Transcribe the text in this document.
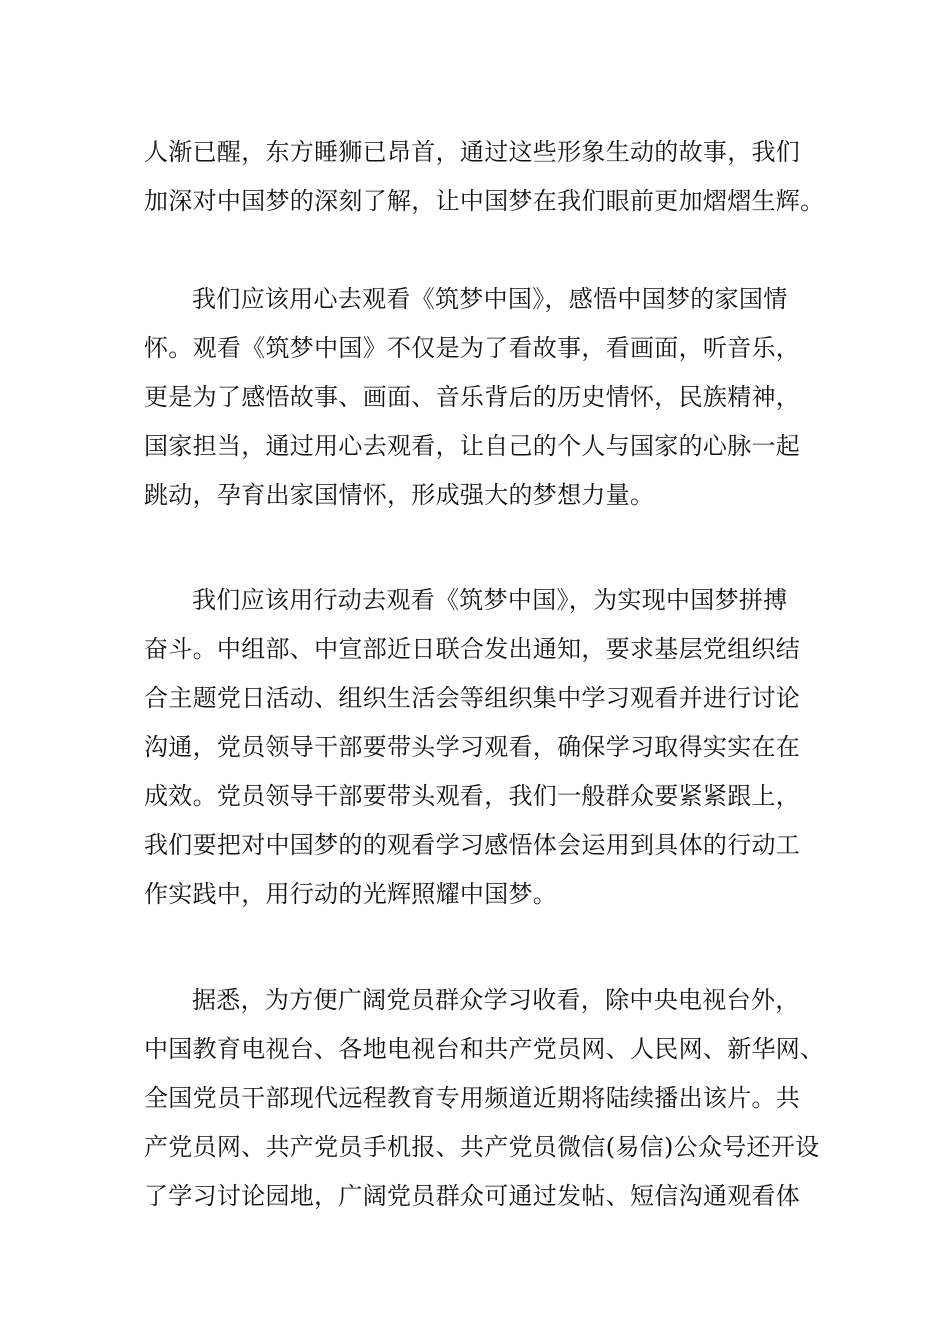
人渐已醒，东方睡狮已昂首，通过这些形象生动的故事，我们
加深对中国梦的深刻了解，让中国梦在我们眼前更加熠熠生辉。
我们应该用心去观看《筑梦中国》，感悟中国梦的家国情
怀。观看《筑梦中国》不仅是为了看故事，看画面，听音乐，
更是为了感悟故事、画面、音乐背后的历史情怀，民族精神，
国家担当，通过用心去观看，让自己的个人与国家的心脉一起
跳动，孕育出家国情怀，形成强大的梦想力量。
我们应该用行动去观看《筑梦中国》，为实现中国梦拼搏
奋斗。中组部、中宣部近日联合发出通知，要求基层党组织结
合主题党日活动、组织生活会等组织集中学习观看并进行讨论
沟通，党员领导干部要带头学习观看，确保学习取得实实在在
成效。党员领导干部要带头观看，我们一般群众要紧紧跟上，
我们要把对中国梦的的观看学习感悟体会运用到具体的行动工
作实践中，用行动的光辉照耀中国梦。
据悉，为方便广阔党员群众学习收看，除中央电视台外，
中国教育电视台、各地电视台和共产党员网、人民网、新华网、
全国党员干部现代远程教育专用频道近期将陆续播出该片。共
产党员网、共产党员手机报、共产党员微信(易信)公众号还开设
了学习讨论园地，广阔党员群众可通过发帖、短信沟通观看体
